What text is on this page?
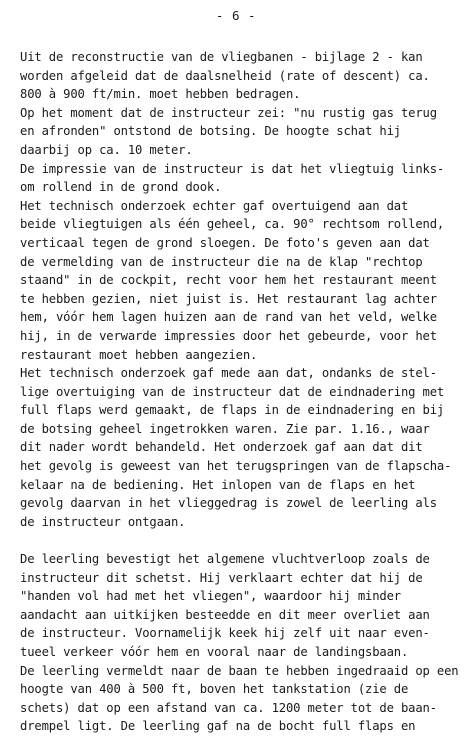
- 6 -
Uit de reconstructie van de vliegbanen - bijlage 2 - kan
worden afgeleid dat de daalsnelheid (rate of descent) ca.
800 à 900 ft/min. moet hebben bedragen.
Op het moment dat de instructeur zei: "nu rustig gas terug
en afronden" ontstond de botsing. De hoogte schat hij
daarbij op ca. 10 meter.
De impressie van de instructeur is dat het vliegtuig links-
om rollend in de grond dook.
Het technisch onderzoek echter gaf overtuigend aan dat
beide vliegtuigen als één geheel, ca. 90° rechtsom rollend,
verticaal tegen de grond sloegen. De foto's geven aan dat
de vermelding van de instructeur die na de klap "rechtop
staand" in de cockpit, recht voor hem het restaurant meent
te hebben gezien, niet juist is. Het restaurant lag achter
hem, vóór hem lagen huizen aan de rand van het veld, welke
hij, in de verwarde impressies door het gebeurde, voor het
restaurant moet hebben aangezien.
Het technisch onderzoek gaf mede aan dat, ondanks de stel-
lige overtuiging van de instructeur dat de eindnadering met
full flaps werd gemaakt, de flaps in de eindnadering en bij
de botsing geheel ingetrokken waren. Zie par. 1.16., waar
dit nader wordt behandeld. Het onderzoek gaf aan dat dit
het gevolg is geweest van het terugspringen van de flapscha-
kelaar na de bediening. Het inlopen van de flaps en het
gevolg daarvan in het vlieggedrag is zowel de leerling als
de instructeur ontgaan.
De leerling bevestigt het algemene vluchtverloop zoals de
instructeur dit schetst. Hij verklaart echter dat hij de
"handen vol had met het vliegen", waardoor hij minder
aandacht aan uitkijken besteedde en dit meer overliet aan
de instructeur. Voornamelijk keek hij zelf uit naar even-
tueel verkeer vóór hem en vooral naar de landingsbaan.
De leerling vermeldt naar de baan te hebben ingedraaid op een
hoogte van 400 à 500 ft, boven het tankstation (zie de
schets) dat op een afstand van ca. 1200 meter tot de baan-
drempel ligt. De leerling gaf na de bocht full flaps en
